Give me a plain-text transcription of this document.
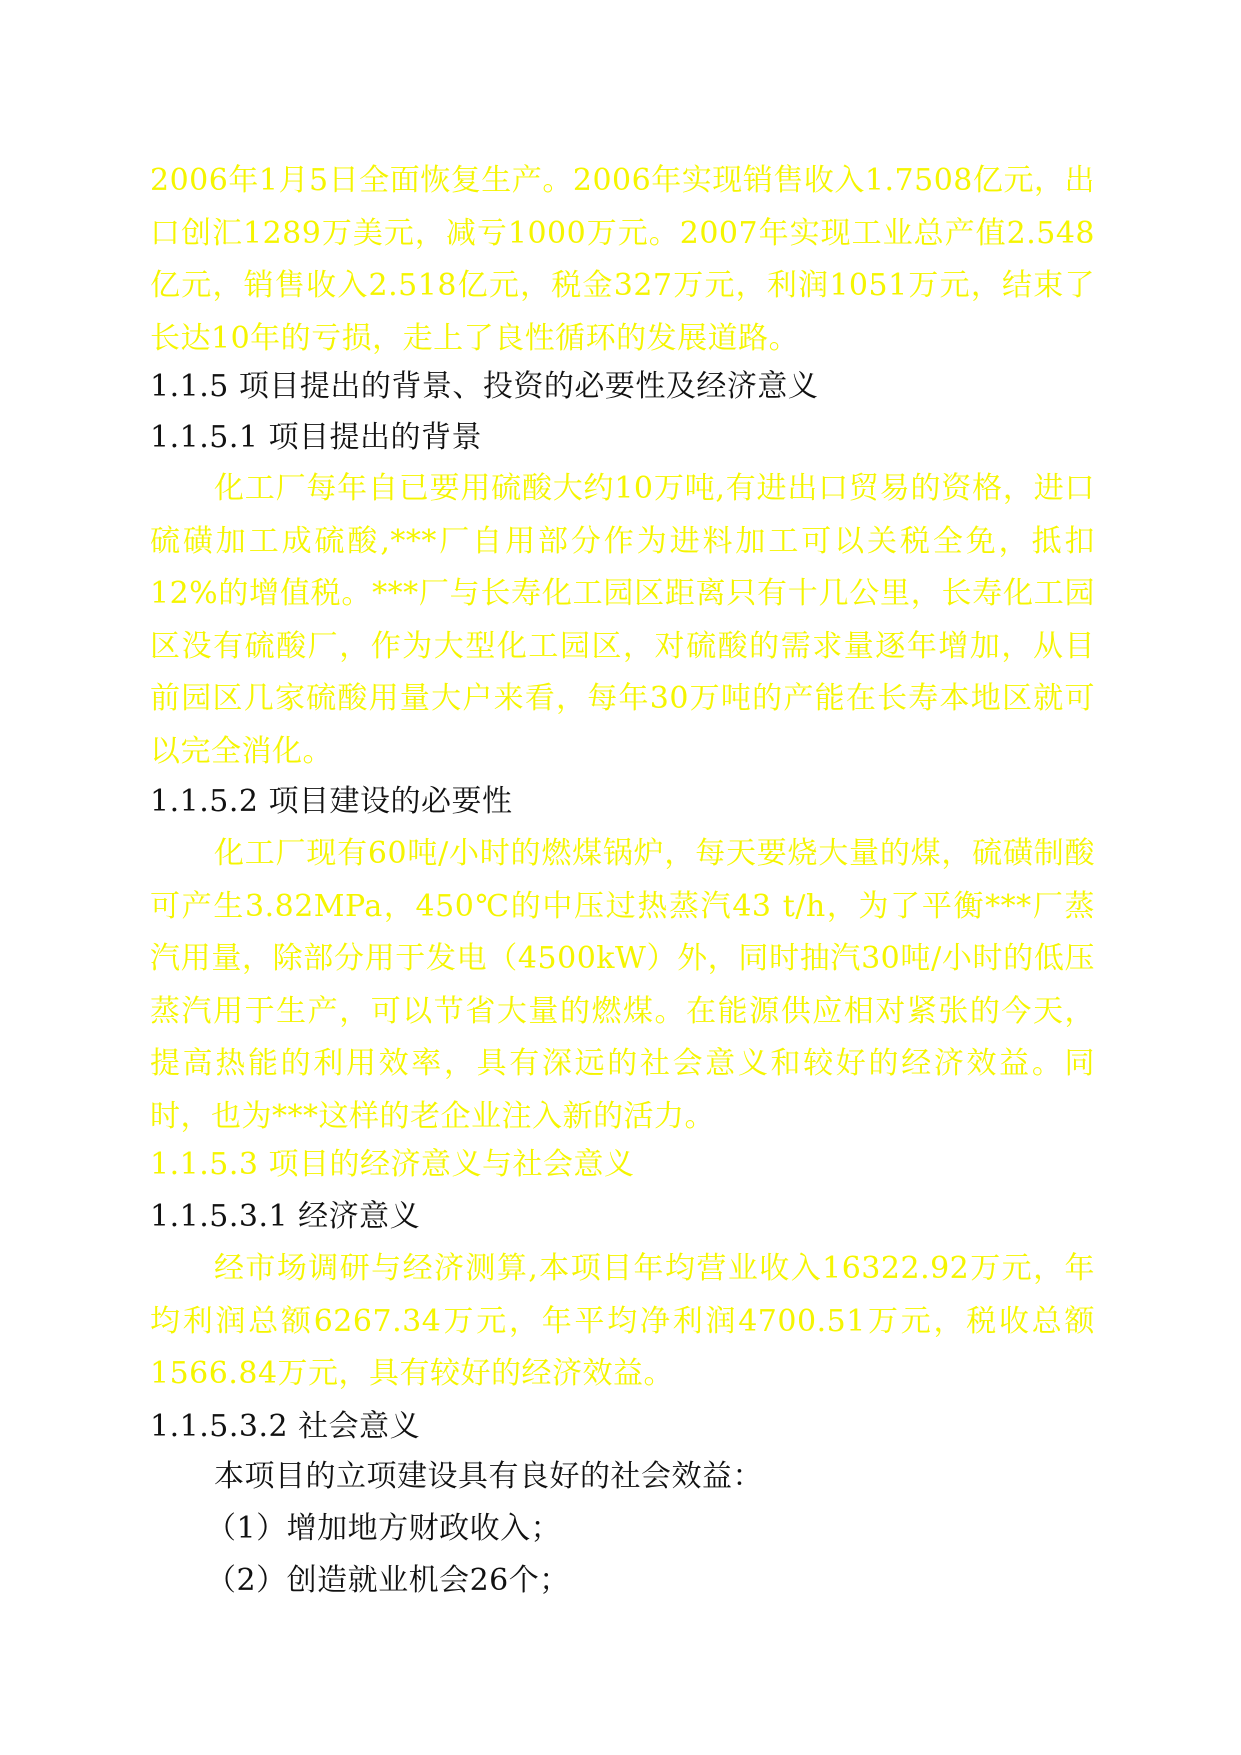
2006年1月5日全面恢复生产。2006年实现销售收入1.7508亿元，出口创汇1289万美元，减亏1000万元。2007年实现工业总产值2.548亿元，销售收入2.518亿元，税金327万元，利润1051万元，结束了长达10年的亏损，走上了良性循环的发展道路。
1.1.5 项目提出的背景、投资的必要性及经济意义
1.1.5.1 项目提出的背景
化工厂每年自已要用硫酸大约10万吨,有进出口贸易的资格，进口硫磺加工成硫酸,***厂自用部分作为进料加工可以关税全免，抵扣12%的增值税。***厂与长寿化工园区距离只有十几公里，长寿化工园区没有硫酸厂，作为大型化工园区，对硫酸的需求量逐年增加，从目前园区几家硫酸用量大户来看，每年30万吨的产能在长寿本地区就可以完全消化。
1.1.5.2 项目建设的必要性
化工厂现有60吨/小时的燃煤锅炉，每天要烧大量的煤，硫磺制酸可产生3.82MPa，450℃的中压过热蒸汽43 t/h，为了平衡***厂蒸汽用量，除部分用于发电（4500kW）外，同时抽汽30吨/小时的低压蒸汽用于生产，可以节省大量的燃煤。在能源供应相对紧张的今天，提高热能的利用效率，具有深远的社会意义和较好的经济效益。同时，也为***这样的老企业注入新的活力。
1.1.5.3 项目的经济意义与社会意义
1.1.5.3.1 经济意义
经市场调研与经济测算,本项目年均营业收入16322.92万元，年均利润总额6267.34万元，年平均净利润4700.51万元，税收总额1566.84万元，具有较好的经济效益。
1.1.5.3.2 社会意义
本项目的立项建设具有良好的社会效益：
（1）增加地方财政收入；
（2）创造就业机会26个；
